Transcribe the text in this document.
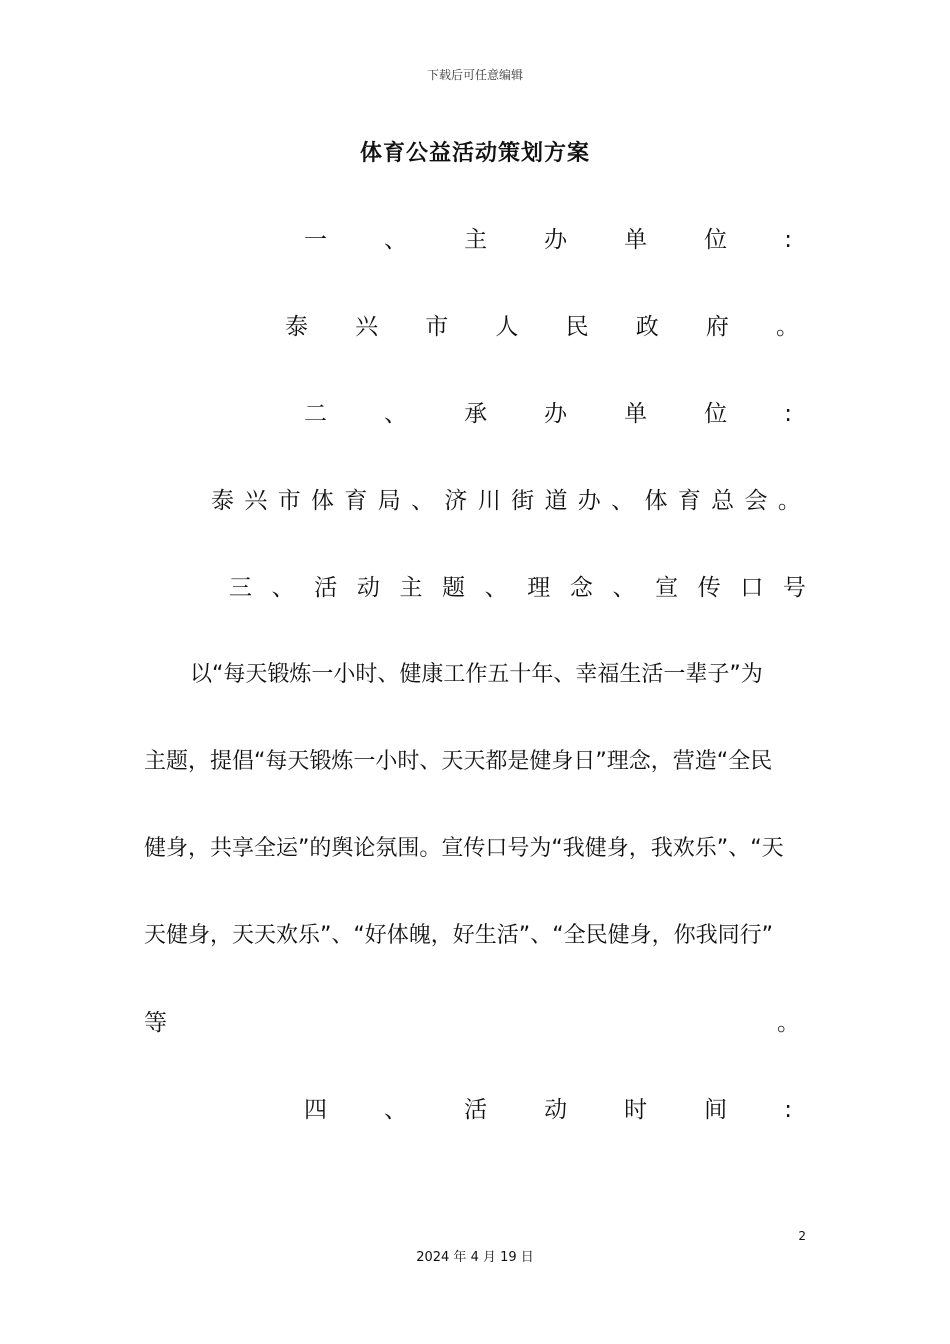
下载后可任意编辑
体育公益活动策划方案
一 、 主 办 单 位 :
泰 兴 市 人 民 政 府 。
二 、 承 办 单 位 :
泰 兴 市 体 育 局 、 济 川 街 道 办 、 体 育 总 会 。
三 、 活 动 主 题 、 理 念 、 宣 传 口 号
以“每天锻炼一小时、健康工作五十年、幸福生活一辈子”为
主题，提倡“每天锻炼一小时、天天都是健身日”理念，营造“全民
健身，共享全运”的舆论氛围。宣传口号为“我健身，我欢乐”、“天
天健身，天天欢乐”、“好体魄，好生活”、“全民健身，你我同行”
等	。
四 、 活 动 时 间 :
2
2024 年 4 月 19 日
